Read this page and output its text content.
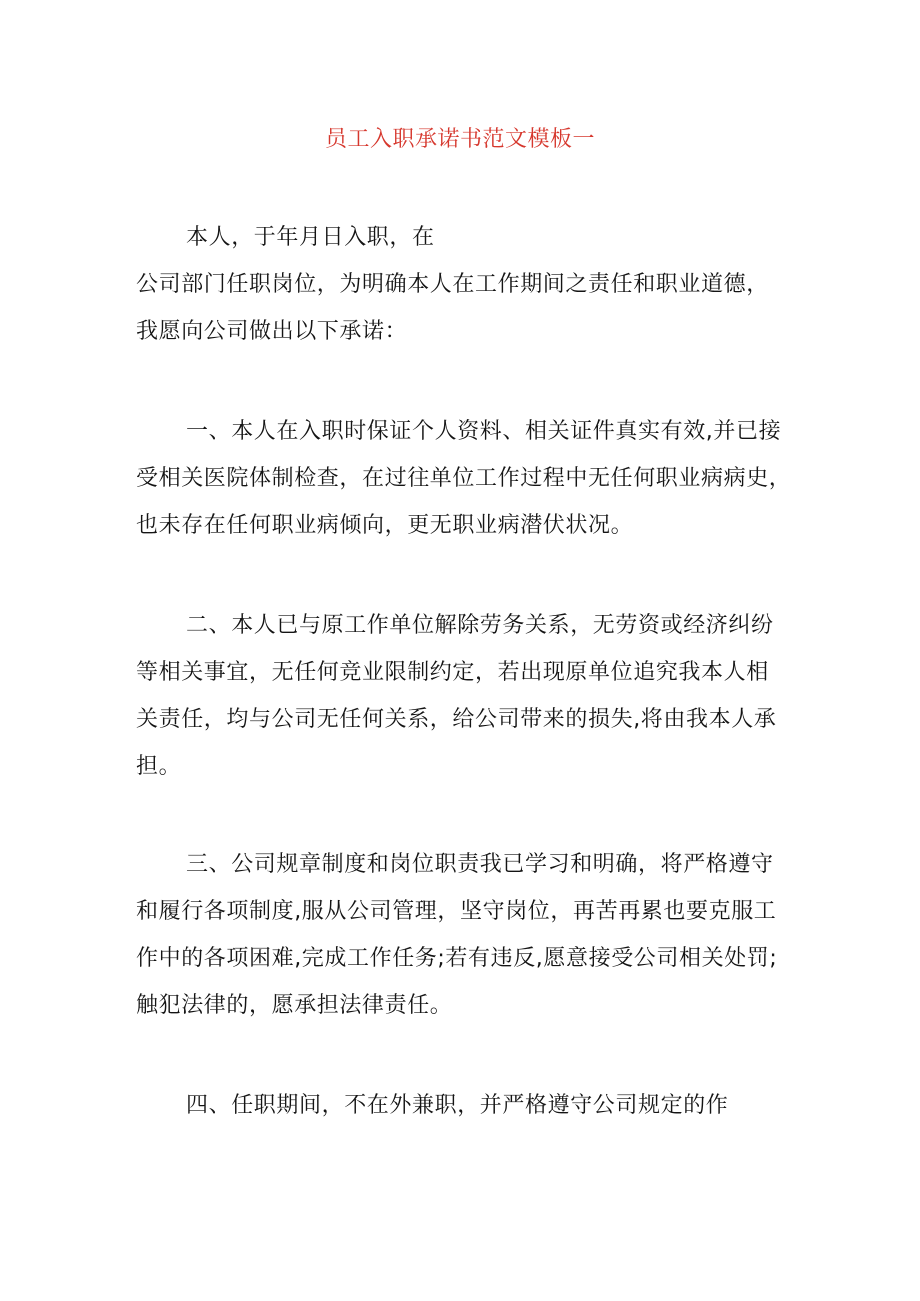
员工入职承诺书范文模板一
本人，于年月日入职，在
公司部门任职岗位，为明确本人在工作期间之责任和职业道德，
我愿向公司做出以下承诺：
一、本人在入职时保证个人资料、相关证件真实有效,并已接
受相关医院体制检查，在过往单位工作过程中无任何职业病病史，
也未存在任何职业病倾向，更无职业病潜伏状况。
二、本人已与原工作单位解除劳务关系，无劳资或经济纠纷
等相关事宜，无任何竞业限制约定，若出现原单位追究我本人相
关责任，均与公司无任何关系，给公司带来的损失,将由我本人承
担。
三、公司规章制度和岗位职责我已学习和明确，将严格遵守
和履行各项制度,服从公司管理，坚守岗位，再苦再累也要克服工
作中的各项困难,完成工作任务;若有违反,愿意接受公司相关处罚;
触犯法律的，愿承担法律责任。
四、任职期间，不在外兼职，并严格遵守公司规定的作
